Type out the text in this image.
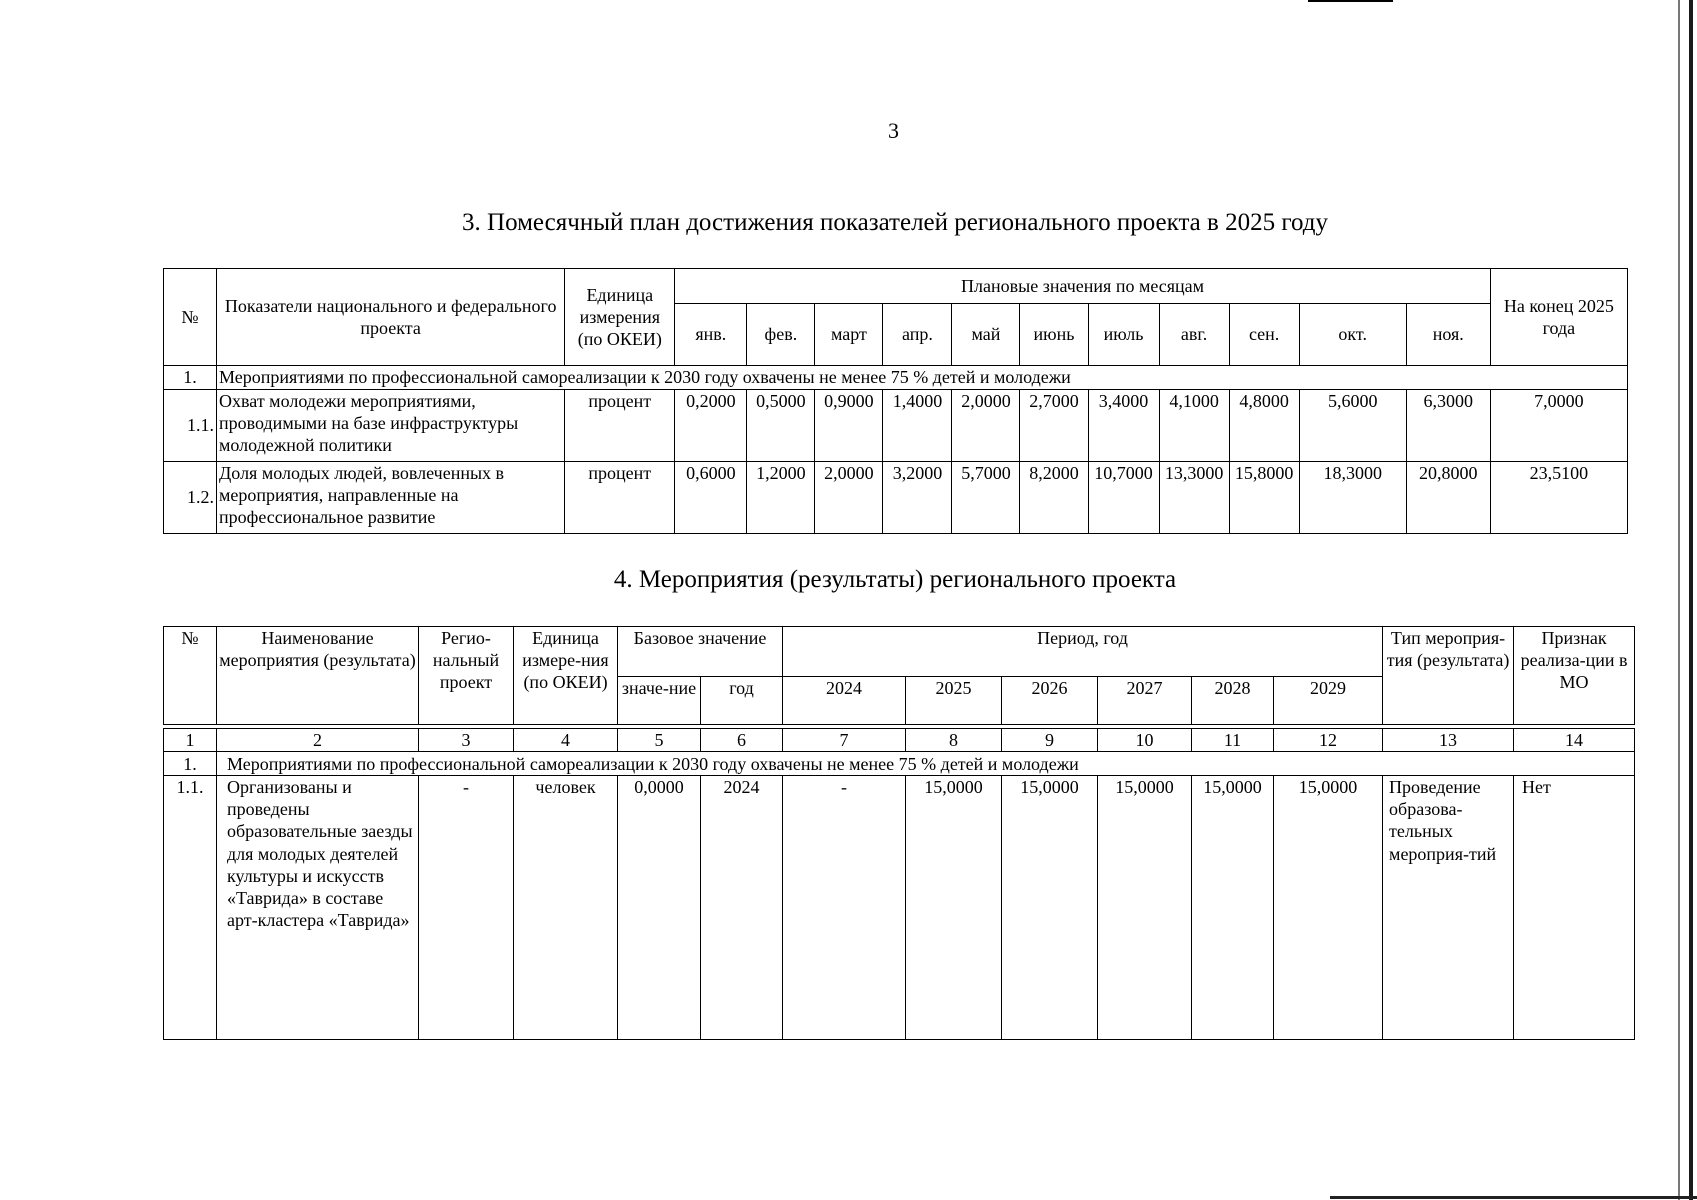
3
3. Помесячный план достижения показателей регионального проекта в 2025 году
№	Показатели национального и федерального проекта	Единица измерения (по ОКЕИ)	Плановые значения по месяцам											На конец 2025 года
			янв.	фев.	март	апр.	май	июнь	июль	авг.	сен.	окт.	ноя.	
1.	Мероприятиями по профессиональной самореализации к 2030 году охвачены не менее 75 % детей и молодежи													
1.1.	Охват молодежи мероприятиями, проводимыми на базе инфраструктуры молодежной политики	процент	0,2000	0,5000	0,9000	1,4000	2,0000	2,7000	3,4000	4,1000	4,8000	5,6000	6,3000	7,0000
1.2.	Доля молодых людей, вовлеченных в мероприятия, направленные на профессиональное развитие	процент	0,6000	1,2000	2,0000	3,2000	5,7000	8,2000	10,7000	13,3000	15,8000	18,3000	20,8000	23,5100
4. Мероприятия (результаты) регионального проекта
№	Наименование мероприятия (результата)	Регио-нальный проект	Единица измере-ния (по ОКЕИ)	Базовое значение		Период, год						Тип мероприя-тия (результата)	Признак реализа-ции в МО
				значе-ние	год	2024	2025	2026	2027	2028	2029		

1	2	3	4	5	6	7	8	9	10	11	12	13	14
1.	Мероприятиями по профессиональной самореализации к 2030 году охвачены не менее 75 % детей и молодежи												
1.1.	Организованы и проведены образовательные заезды для молодых деятелей культуры и искусств «Таврида» в составе арт-кластера «Таврида»	-	человек	0,0000	2024	-	15,0000	15,0000	15,0000	15,0000	15,0000	Проведение образова-тельных мероприя-тий	Нет
